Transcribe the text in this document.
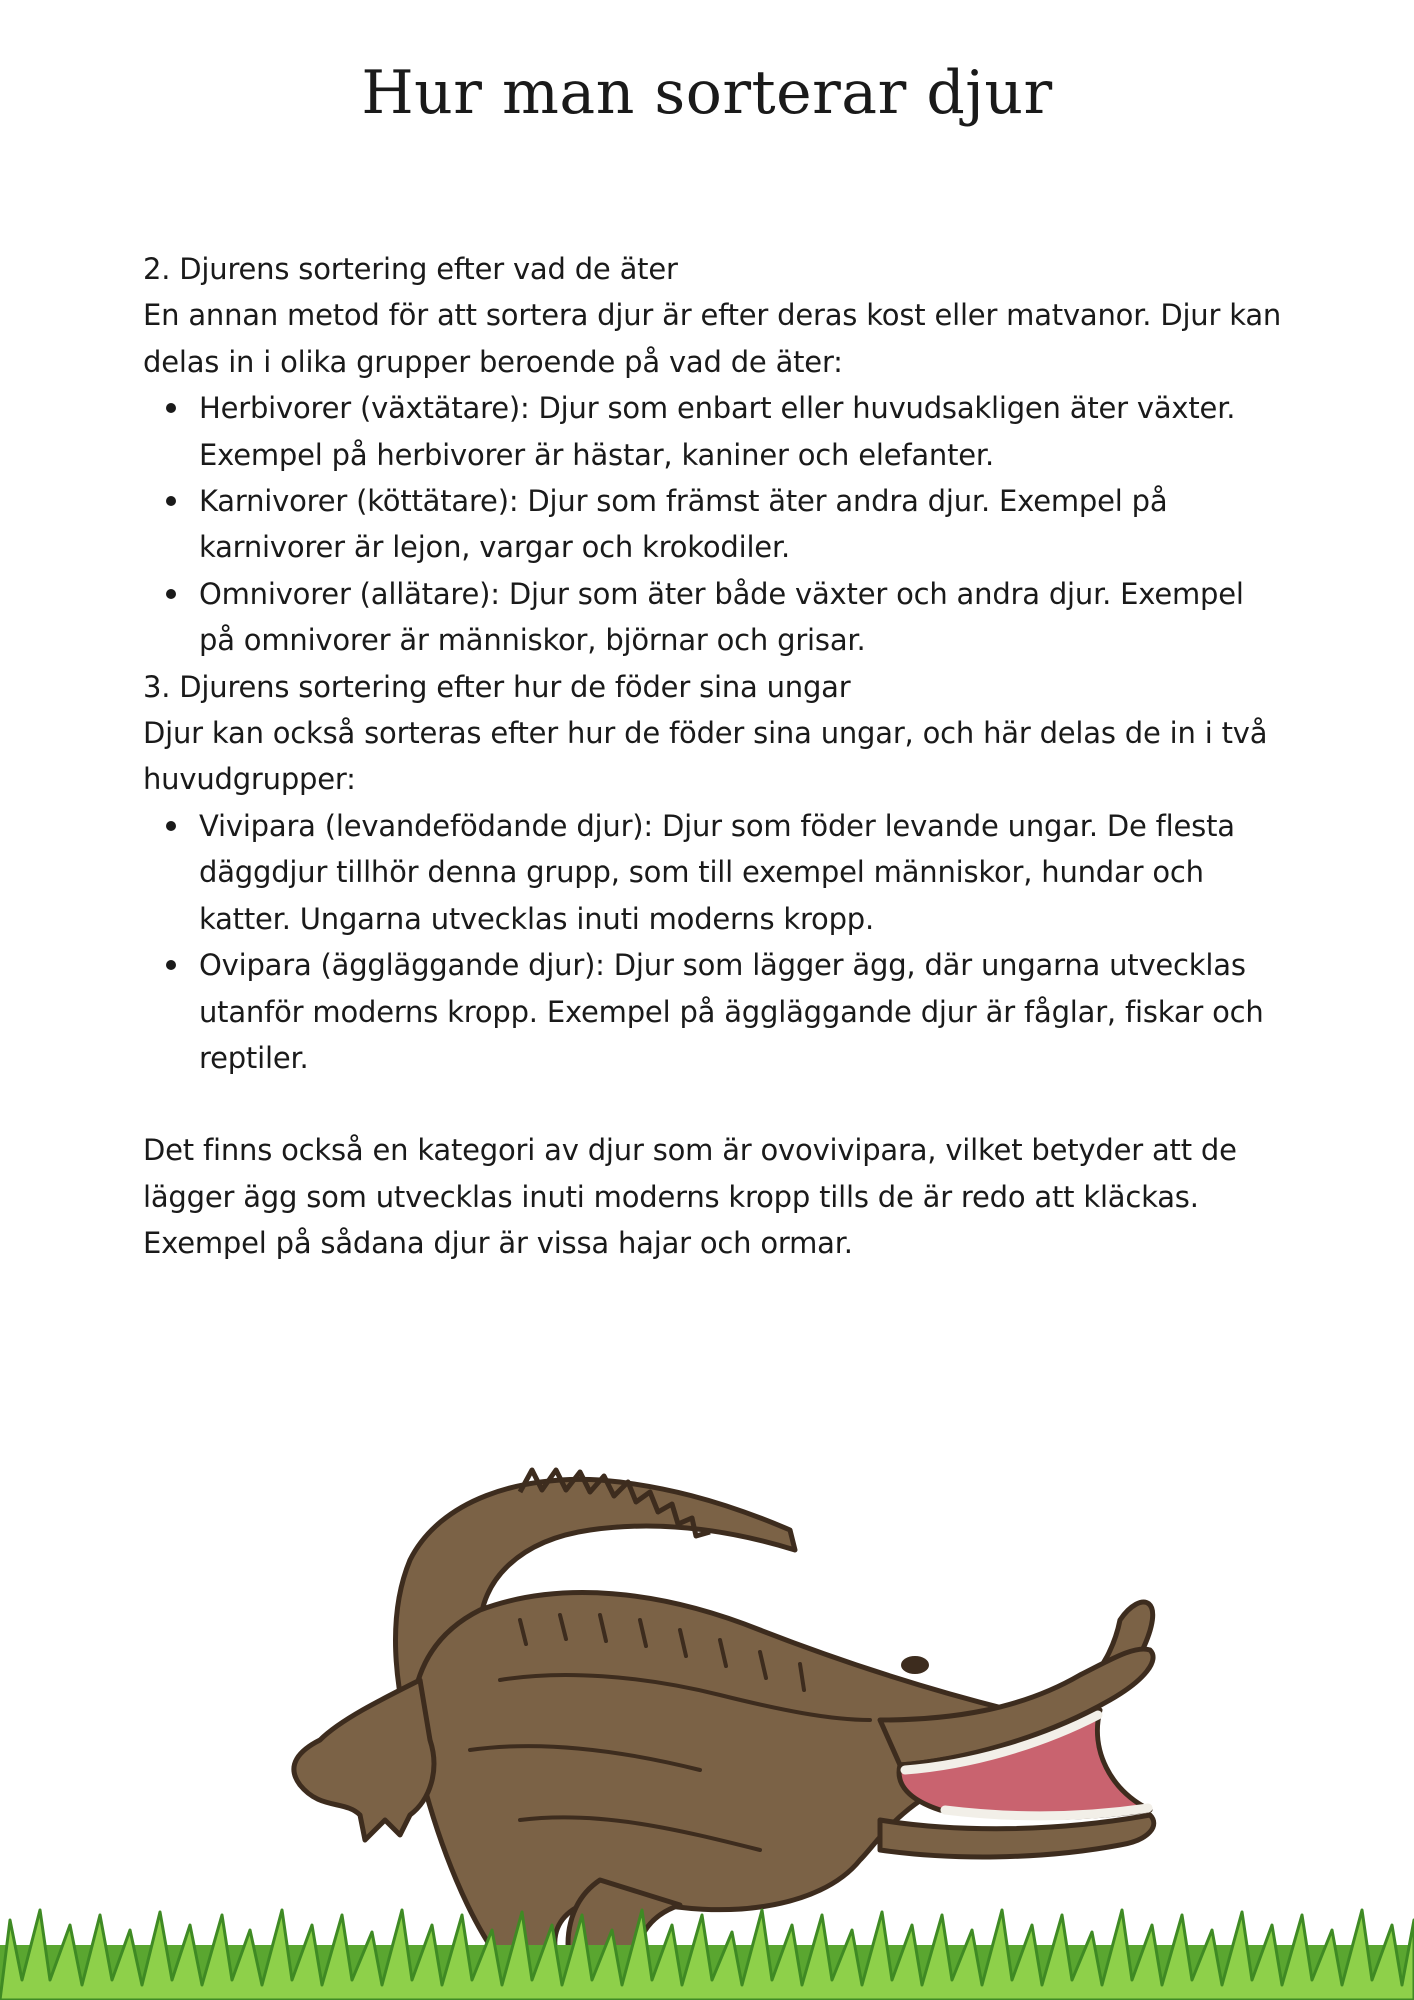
Hur man sorterar djur

2. Djurens sortering efter vad de äter

En annan metod för att sortera djur är efter deras kost eller matvanor. Djur kan delas in i olika grupper beroende på vad de äter:

Herbivorer (växtätare): Djur som enbart eller huvudsakligen äter växter. Exempel på herbivorer är hästar, kaniner och elefanter.
Karnivorer (köttätare): Djur som främst äter andra djur. Exempel på karnivorer är lejon, vargar och krokodiler.
Omnivorer (allätare): Djur som äter både växter och andra djur. Exempel på omnivorer är människor, björnar och grisar.

3. Djurens sortering efter hur de föder sina ungar

Djur kan också sorteras efter hur de föder sina ungar, och här delas de in i två huvudgrupper:

Vivipara (levandefödande djur): Djur som föder levande ungar. De flesta däggdjur tillhör denna grupp, som till exempel människor, hundar och katter. Ungarna utvecklas inuti moderns kropp.
Ovipara (äggläggande djur): Djur som lägger ägg, där ungarna utvecklas utanför moderns kropp. Exempel på äggläggande djur är fåglar, fiskar och reptiler.

Det finns också en kategori av djur som är ovovivipara, vilket betyder att de lägger ägg som utvecklas inuti moderns kropp tills de är redo att kläckas. Exempel på sådana djur är vissa hajar och ormar.
